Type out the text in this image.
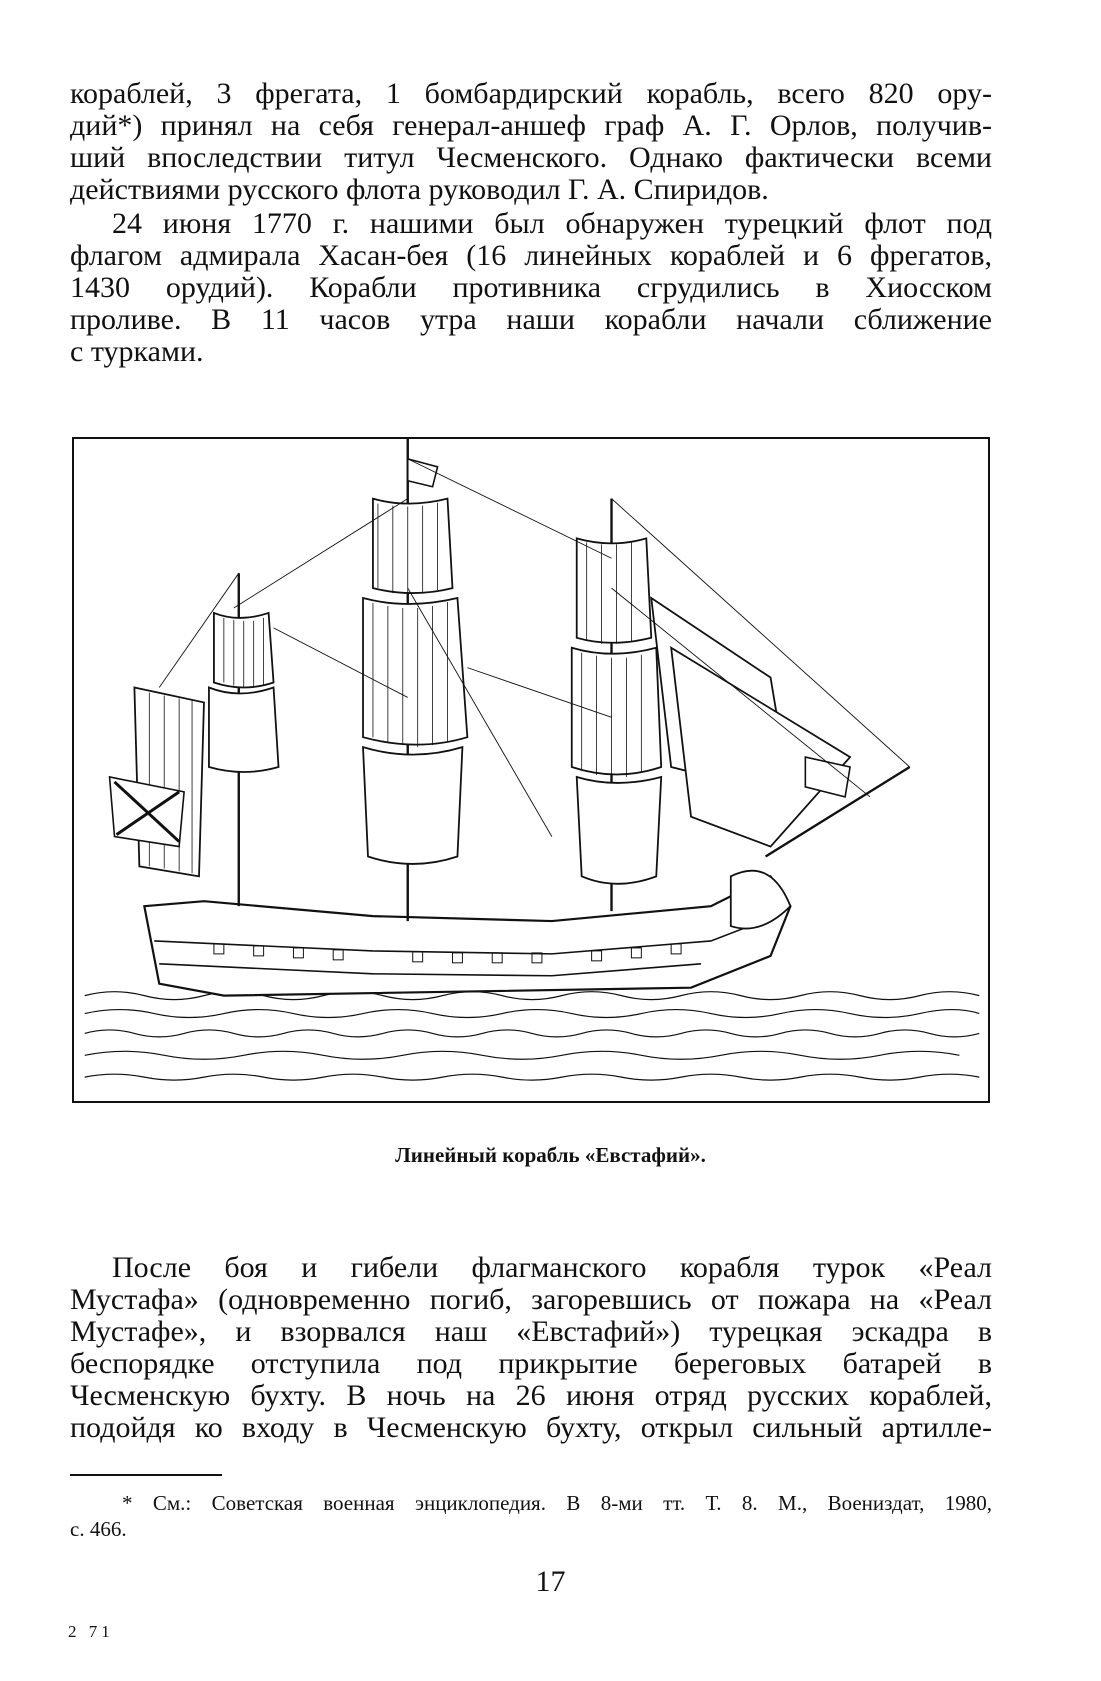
кораблей, 3 фрегата, 1 бомбардирский корабль, всего 820 ору-
дий*) принял на себя генерал-аншеф граф А. Г. Орлов, получив-
ший впоследствии титул Чесменского. Однако фактически всеми
действиями русского флота руководил Г. А. Спиридов.
24 июня 1770 г. нашими был обнаружен турецкий флот под
флагом адмирала Хасан-бея (16 линейных кораблей и 6 фрегатов,
1430 орудий). Корабли противника сгрудились в Хиосском
проливе. В 11 часов утра наши корабли начали сближение
с турками.
Линейный корабль «Евстафий».
После боя и гибели флагманского корабля турок «Реал
Мустафа» (одновременно погиб, загоревшись от пожара на «Реал
Мустафе», и взорвался наш «Евстафий») турецкая эскадра в
беспорядке отступила под прикрытие береговых батарей в
Чесменскую бухту. В ночь на 26 июня отряд русских кораблей,
подойдя ко входу в Чесменскую бухту, открыл сильный артилле-
* См.: Советская военная энциклопедия. В 8-ми тт. Т. 8. М., Воениздат, 1980,
с. 466.
17
2 71
